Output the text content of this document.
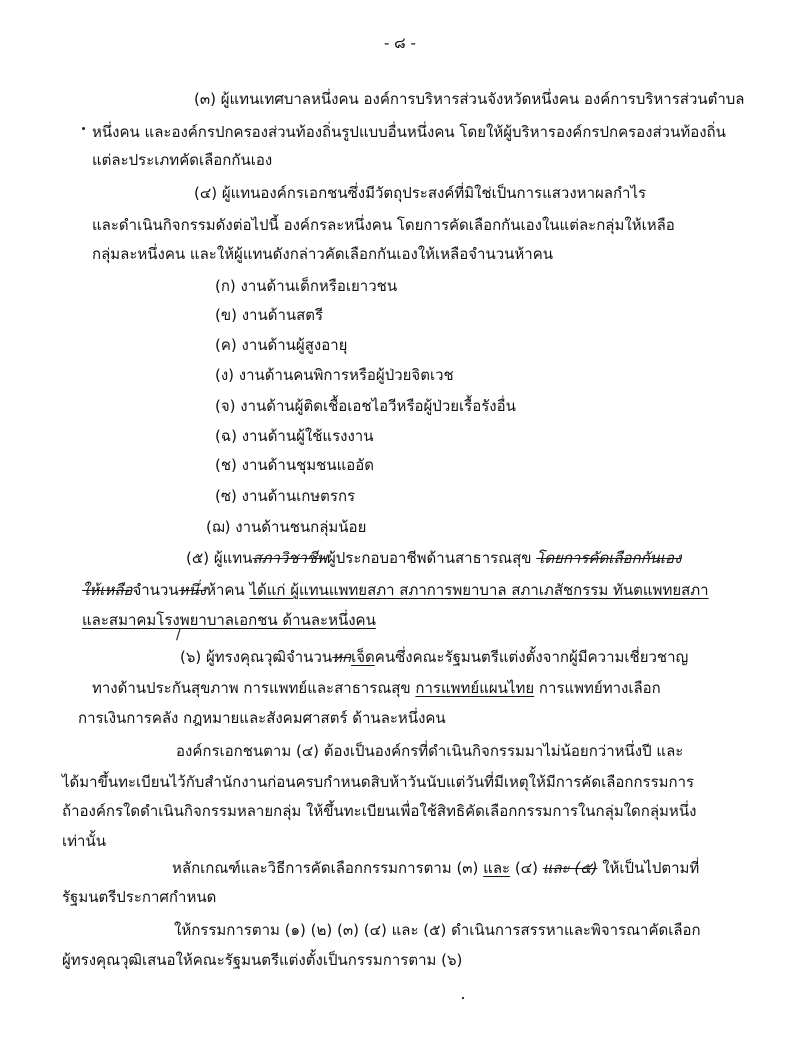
- ๘ -
(๓) ผู้แทนเทศบาลหนึ่งคน องค์การบริหารส่วนจังหวัดหนึ่งคน องค์การบริหารส่วนตำบล
หนึ่งคน และองค์กรปกครองส่วนท้องถิ่นรูปแบบอื่นหนึ่งคน โดยให้ผู้บริหารองค์กรปกครองส่วนท้องถิ่น
แต่ละประเภทคัดเลือกกันเอง
(๔) ผู้แทนองค์กรเอกชนซึ่งมีวัตถุประสงค์ที่มิใช่เป็นการแสวงหาผลกำไร
และดำเนินกิจกรรมดังต่อไปนี้ องค์กรละหนึ่งคน โดยการคัดเลือกกันเองในแต่ละกลุ่มให้เหลือ
กลุ่มละหนึ่งคน และให้ผู้แทนดังกล่าวคัดเลือกกันเองให้เหลือจำนวนห้าคน
(ก) งานด้านเด็กหรือเยาวชน
(ข) งานด้านสตรี
(ค) งานด้านผู้สูงอายุ
(ง) งานด้านคนพิการหรือผู้ป่วยจิตเวช
(จ) งานด้านผู้ติดเชื้อเอชไอวีหรือผู้ป่วยเรื้อรังอื่น
(ฉ) งานด้านผู้ใช้แรงงาน
(ช) งานด้านชุมชนแออัด
(ซ) งานด้านเกษตรกร
(ฌ) งานด้านชนกลุ่มน้อย
(๕) ผู้แทนสภาวิชาชีพผู้ประกอบอาชีพด้านสาธารณสุข โดยการคัดเลือกกันเอง
ให้เหลือจำนวนหนึ่งห้าคน ได้แก่ ผู้แทนแพทยสภา สภาการพยาบาล สภาเภสัชกรรม ทันตแพทยสภา
และสมาคมโรงพยาบาลเอกชน ด้านละหนึ่งคน
/
(๖) ผู้ทรงคุณวุฒิจำนวนหกเจ็ดคนซึ่งคณะรัฐมนตรีแต่งตั้งจากผู้มีความเชี่ยวชาญ
ทางด้านประกันสุขภาพ การแพทย์และสาธารณสุข การแพทย์แผนไทย การแพทย์ทางเลือก
การเงินการคลัง กฎหมายและสังคมศาสตร์ ด้านละหนึ่งคน
องค์กรเอกชนตาม (๔) ต้องเป็นองค์กรที่ดำเนินกิจกรรมมาไม่น้อยกว่าหนึ่งปี และ
ได้มาขึ้นทะเบียนไว้กับสำนักงานก่อนครบกำหนดสิบห้าวันนับแต่วันที่มีเหตุให้มีการคัดเลือกกรรมการ
ถ้าองค์กรใดดำเนินกิจกรรมหลายกลุ่ม ให้ขึ้นทะเบียนเพื่อใช้สิทธิคัดเลือกกรรมการในกลุ่มใดกลุ่มหนึ่ง
เท่านั้น
หลักเกณฑ์และวิธีการคัดเลือกกรรมการตาม (๓) และ (๔) และ (๕) ให้เป็นไปตามที่
รัฐมนตรีประกาศกำหนด
ให้กรรมการตาม (๑) (๒) (๓) (๔) และ (๕) ดำเนินการสรรหาและพิจารณาคัดเลือก
ผู้ทรงคุณวุฒิเสนอให้คณะรัฐมนตรีแต่งตั้งเป็นกรรมการตาม (๖)
